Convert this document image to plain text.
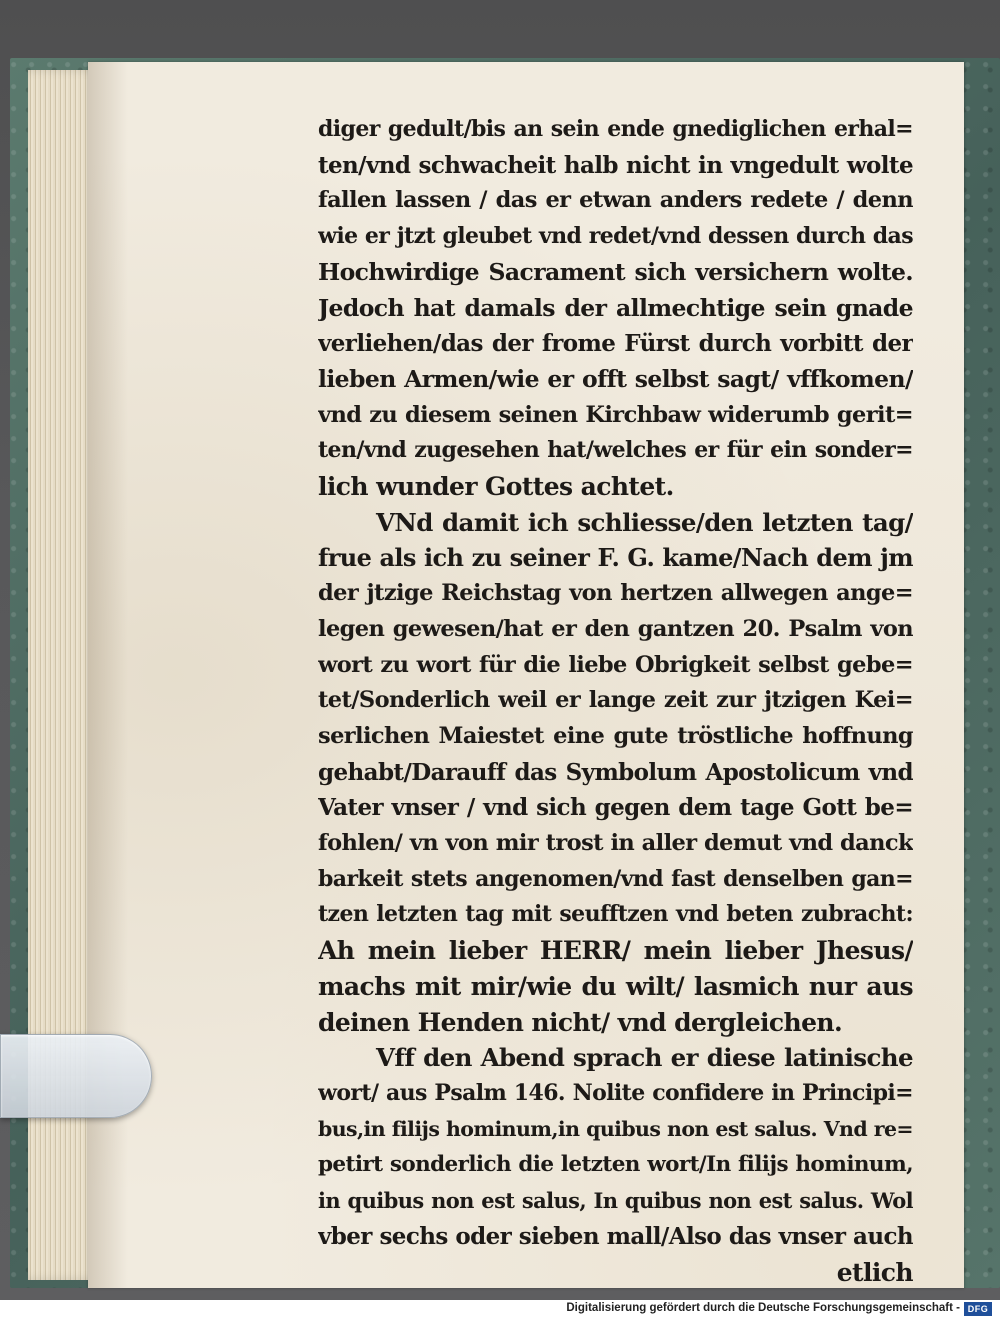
diger gedult/bis an sein ende gnediglichen erhal=
ten/vnd schwacheit halb nicht in vngedult wolte
fallen lassen / das er etwan anders redete / denn
wie er jtzt gleubet vnd redet/vnd dessen durch das
Hochwirdige Sacrament sich versichern wolte.
Jedoch hat damals der allmechtige sein gnade
verliehen/das der frome Fürst durch vorbitt der
lieben Armen/wie er offt selbst sagt/ vffkomen/
vnd zu diesem seinen Kirchbaw widerumb gerit=
ten/vnd zugesehen hat/welches er für ein sonder=
lich wunder Gottes achtet.
VNd damit ich schliesse/den letzten tag/
frue als ich zu seiner F. G. kame/Nach dem jm
der jtzige Reichstag von hertzen allwegen ange=
legen gewesen/hat er den gantzen 20. Psalm von
wort zu wort für die liebe Obrigkeit selbst gebe=
tet/Sonderlich weil er lange zeit zur jtzigen Kei=
serlichen Maiestet eine gute tröstliche hoffnung
gehabt/Darauff das Symbolum Apostolicum vnd
Vater vnser / vnd sich gegen dem tage Gott be=
fohlen/ vn von mir trost in aller demut vnd danck
barkeit stets angenomen/vnd fast denselben gan=
tzen letzten tag mit seufftzen vnd beten zubracht:
Ah mein lieber HERR/ mein lieber Jhesus/
machs mit mir/wie du wilt/ lasmich nur aus
deinen Henden nicht/ vnd dergleichen.
Vff den Abend sprach er diese latinische
wort/ aus Psalm 146. Nolite confidere in Principi=
bus,in filijs hominum,in quibus non est salus. Vnd re=
petirt sonderlich die letzten wort/In filijs hominum,
in quibus non est salus, In quibus non est salus. Wol
vber sechs oder sieben mall/Also das vnser auch
etlich
Digitalisierung gefördert durch die Deutsche Forschungsgemeinschaft - DFG
